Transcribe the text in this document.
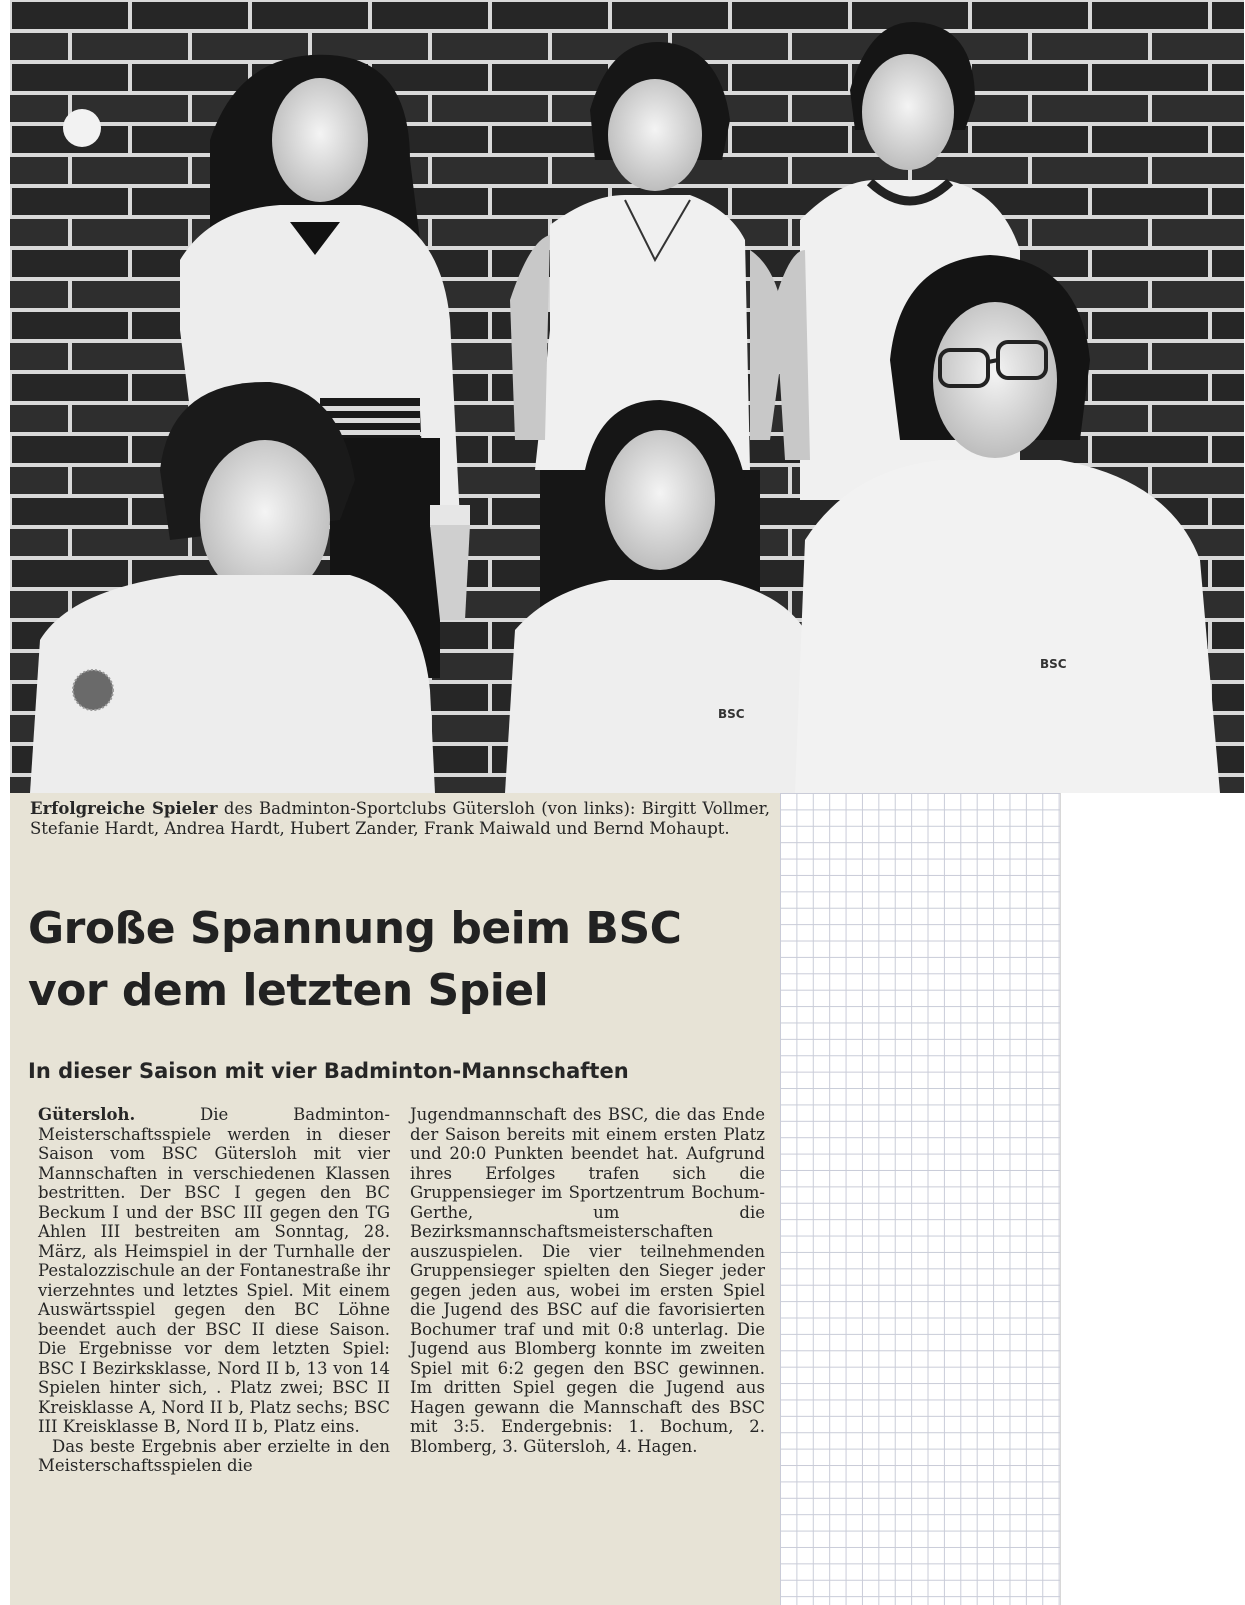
BSC
BSC
Erfolgreiche Spieler des Badminton-Sportclubs Gütersloh (von links): Birgitt Vollmer, Stefanie Hardt, Andrea Hardt, Hubert Zander, Frank Maiwald und Bernd Mohaupt.
Große Spannung beim BSC
vor dem letzten Spiel
In dieser Saison mit vier Badminton-Mannschaften

Gütersloh. Die Badminton-Meisterschaftsspiele werden in dieser Saison vom BSC Gütersloh mit vier Mannschaften in verschiedenen Klassen bestritten. Der BSC I gegen den BC Beckum I und der BSC III gegen den TG Ahlen III bestreiten am Sonntag, 28. März, als Heimspiel in der Turnhalle der Pestalozzischule an der Fontanestraße ihr vierzehntes und letztes Spiel. Mit einem Auswärtsspiel gegen den BC Löhne beendet auch der BSC II diese Saison. Die Ergebnisse vor dem letzten Spiel: BSC I Bezirksklasse, Nord II b, 13 von 14 Spielen hinter sich, . Platz zwei; BSC II Kreisklasse A, Nord II b, Platz sechs; BSC III Kreisklasse B, Nord II b, Platz eins.

Das beste Ergebnis aber erzielte in den Meisterschaftsspielen die

Jugendmannschaft des BSC, die das Ende der Saison bereits mit einem ersten Platz und 20:0 Punkten beendet hat. Aufgrund ihres Erfolges trafen sich die Gruppensieger im Sportzentrum Bochum-Gerthe, um die Bezirksmannschaftsmeisterschaften auszuspielen. Die vier teilnehmenden Gruppensieger spielten den Sieger jeder gegen jeden aus, wobei im ersten Spiel die Jugend des BSC auf die favorisierten Bochumer traf und mit 0:8 unterlag. Die Jugend aus Blomberg konnte im zweiten Spiel mit 6:2 gegen den BSC gewinnen. Im dritten Spiel gegen die Jugend aus Hagen gewann die Mannschaft des BSC mit 3:5. Endergebnis: 1. Bochum, 2. Blomberg, 3. Gütersloh, 4. Hagen.
